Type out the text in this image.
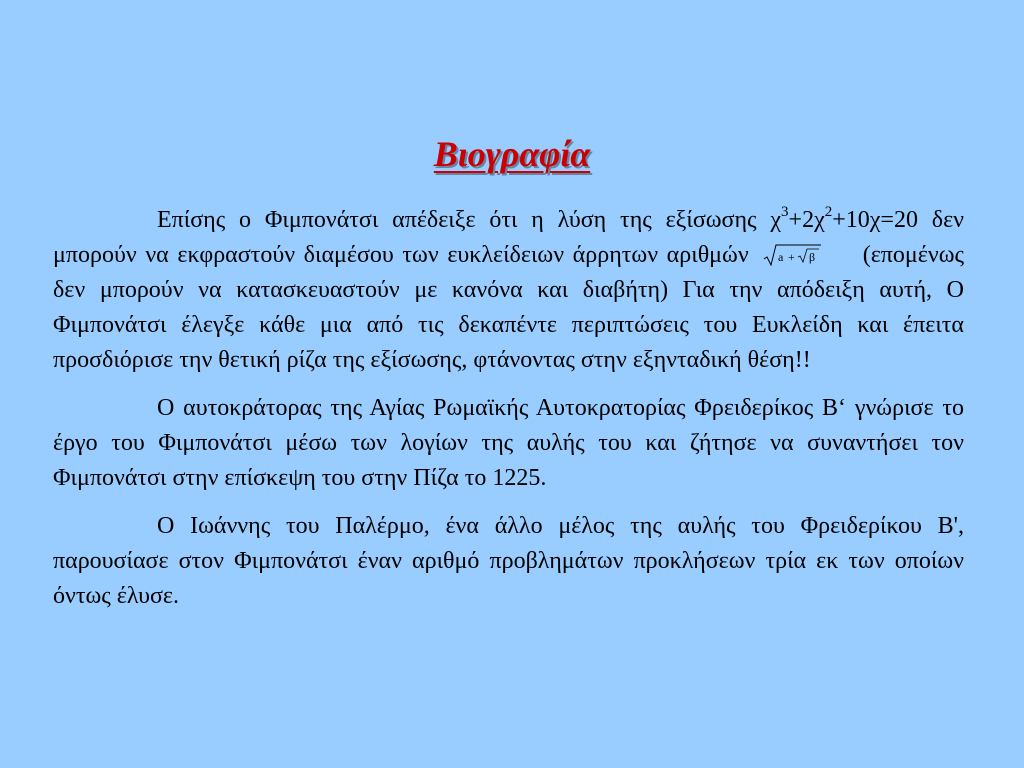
Βιογραφία

Επίσης ο Φιμπονάτσι απέδειξε ότι η λύση της εξίσωσης $\chi^3+2\chi^2+10\chi=20$ δεν μπορούν να εκφραστούν διαμέσου των ευκλείδειων άρρητων αριθμών a + β (επομένως δεν μπορούν να κατασκευαστούν με κανόνα και διαβήτη) Για την απόδειξη αυτή, Ο Φιμπονάτσι έλεγξε κάθε μια από τις δεκαπέντε περιπτώσεις του Ευκλείδη και έπειτα προσδιόρισε την θετική ρίζα της εξίσωσης, φτάνοντας στην εξηνταδική θέση!!

Ο αυτοκράτορας της Αγίας Ρωμαϊκής Αυτοκρατορίας Φρειδερίκος Β‘ γνώρισε το έργο του Φιμπονάτσι μέσω των λογίων της αυλής του και ζήτησε να συναντήσει τον Φιμπονάτσι στην επίσκεψη του στην Πίζα το 1225.

Ο Ιωάννης του Παλέρμο, ένα άλλο μέλος της αυλής του Φρειδερίκου Β', παρουσίασε στον Φιμπονάτσι έναν αριθμό προβλημάτων προκλήσεων τρία εκ των οποίων όντως έλυσε.
